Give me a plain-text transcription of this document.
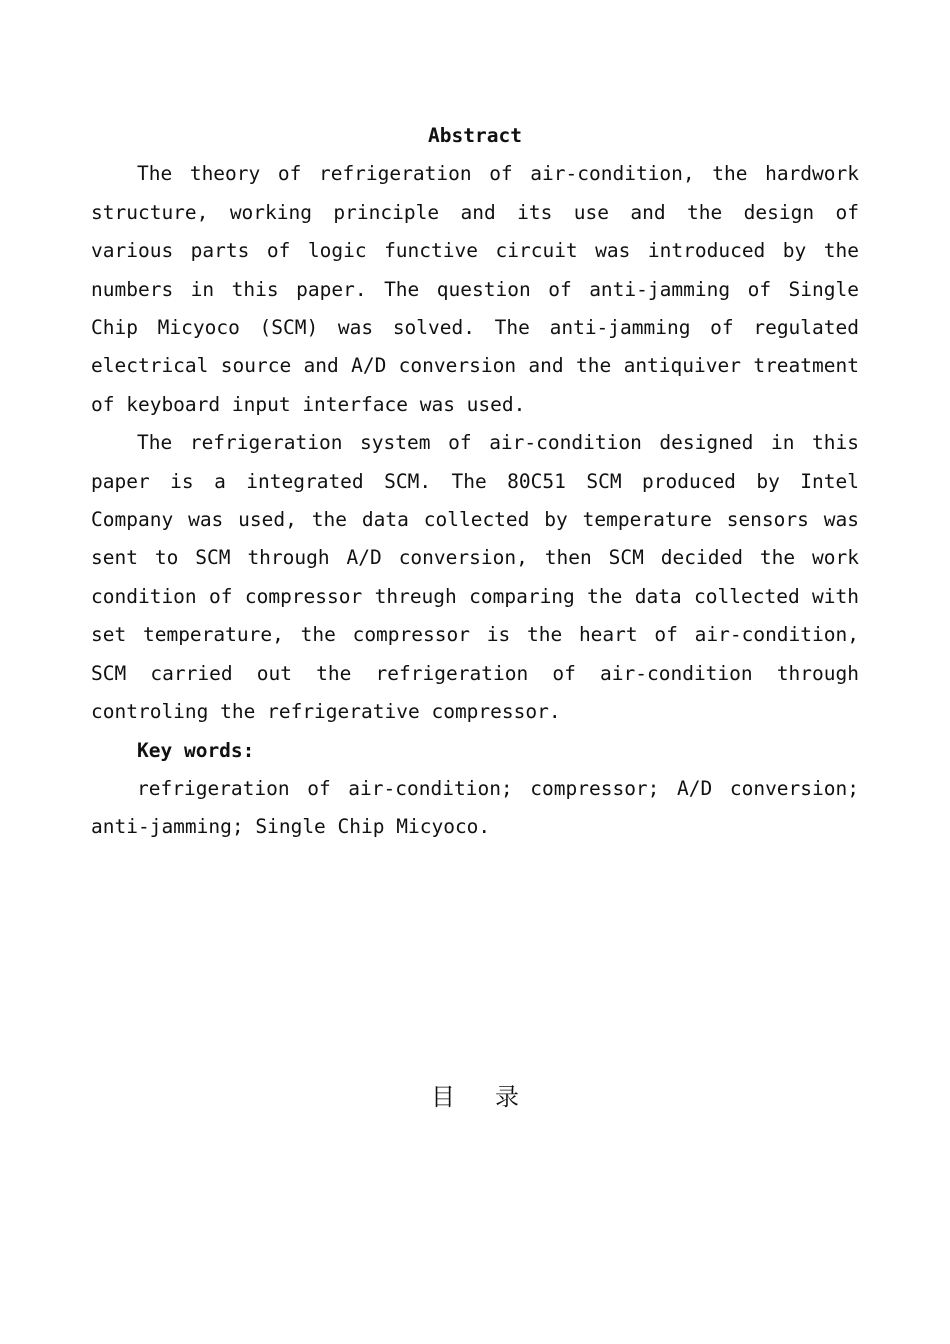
Abstract

The theory of refrigeration of air-condition, the hardwork structure, working principle and its use and the design of various parts of logic functive circuit was introduced by the numbers in this paper. The question of anti-jamming of Single Chip Micyoco (SCM) was solved. The anti-jamming of regulated electrical source and A/D conversion and the antiquiver treatment of keyboard input interface was used.

The refrigeration system of air-condition designed in this paper is a integrated SCM. The 80C51 SCM produced by Intel Company was used, the data collected by temperature sensors was sent to SCM through A/D conversion, then SCM decided the work condition of compressor threugh comparing the data collected with set temperature, the compressor is the heart of air-condition, SCM carried out the refrigeration of air-condition through controling the refrigerative compressor.

Key words:

refrigeration of air-condition; compressor; A/D conversion; anti-jamming; Single Chip Micyoco.

目录
